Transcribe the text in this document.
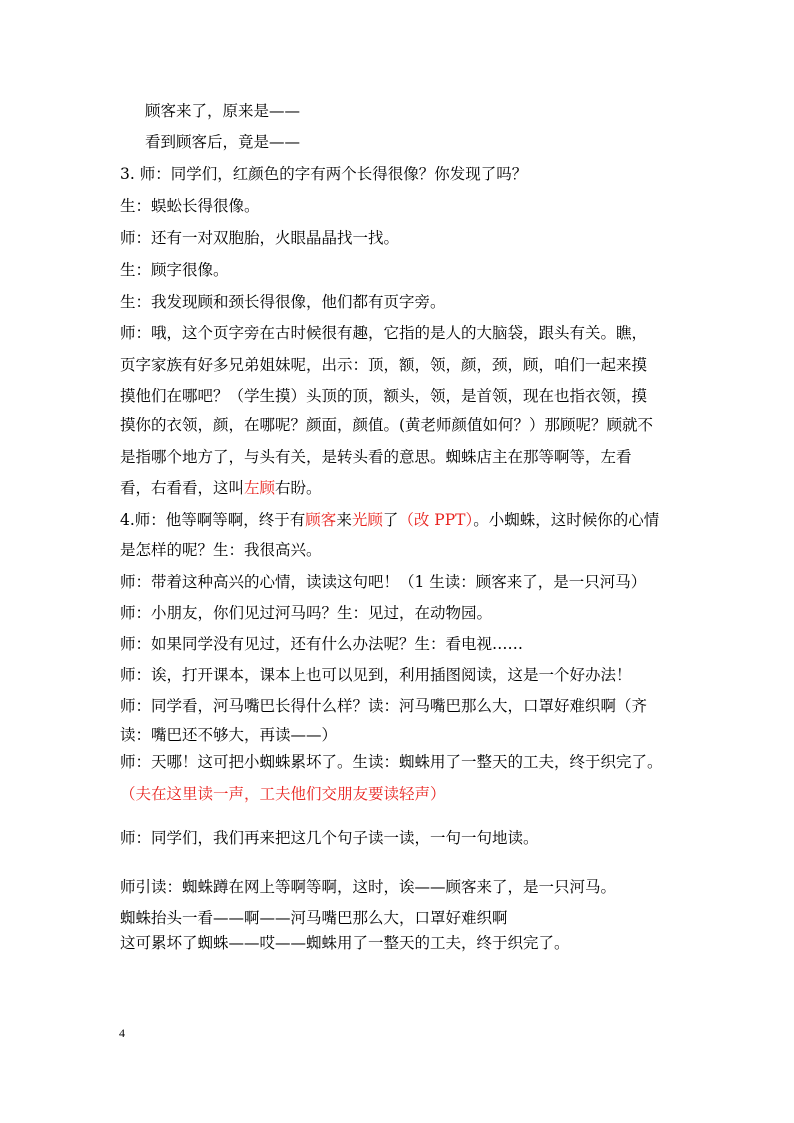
顾客来了，原来是——
看到顾客后，竟是——
3. 师：同学们，红颜色的字有两个长得很像？你发现了吗？
生：蜈蚣长得很像。
师：还有一对双胞胎，火眼晶晶找一找。
生：顾字很像。
生：我发现顾和颈长得很像，他们都有页字旁。
师：哦，这个页字旁在古时候很有趣，它指的是人的大脑袋，跟头有关。瞧，
页字家族有好多兄弟姐妹呢，出示：顶，额，领，颜，颈，顾，咱们一起来摸
摸他们在哪吧？（学生摸）头顶的顶，额头，领，是首领，现在也指衣领，摸
摸你的衣领，颜，在哪呢？颜面，颜值。(黄老师颜值如何？）那顾呢？顾就不
是指哪个地方了，与头有关，是转头看的意思。蜘蛛店主在那等啊等，左看
看，右看看，这叫左顾右盼。
4.师：他等啊等啊，终于有顾客来光顾了（改 PPT）。小蜘蛛，这时候你的心情
是怎样的呢？生：我很高兴。
师：带着这种高兴的心情，读读这句吧！（1 生读：顾客来了，是一只河马）
师：小朋友，你们见过河马吗？生：见过，在动物园。
师：如果同学没有见过，还有什么办法呢？生：看电视……
师：诶，打开课本，课本上也可以见到，利用插图阅读，这是一个好办法！
师：同学看，河马嘴巴长得什么样？读：河马嘴巴那么大，口罩好难织啊（齐
读：嘴巴还不够大，再读——）
师：天哪！这可把小蜘蛛累坏了。生读：蜘蛛用了一整天的工夫，终于织完了。
（夫在这里读一声，工夫他们交朋友要读轻声）
师：同学们，我们再来把这几个句子读一读，一句一句地读。
师引读：蜘蛛蹲在网上等啊等啊，这时，诶——顾客来了，是一只河马。
蜘蛛抬头一看——啊——河马嘴巴那么大，口罩好难织啊
这可累坏了蜘蛛——哎——蜘蛛用了一整天的工夫，终于织完了。
4
